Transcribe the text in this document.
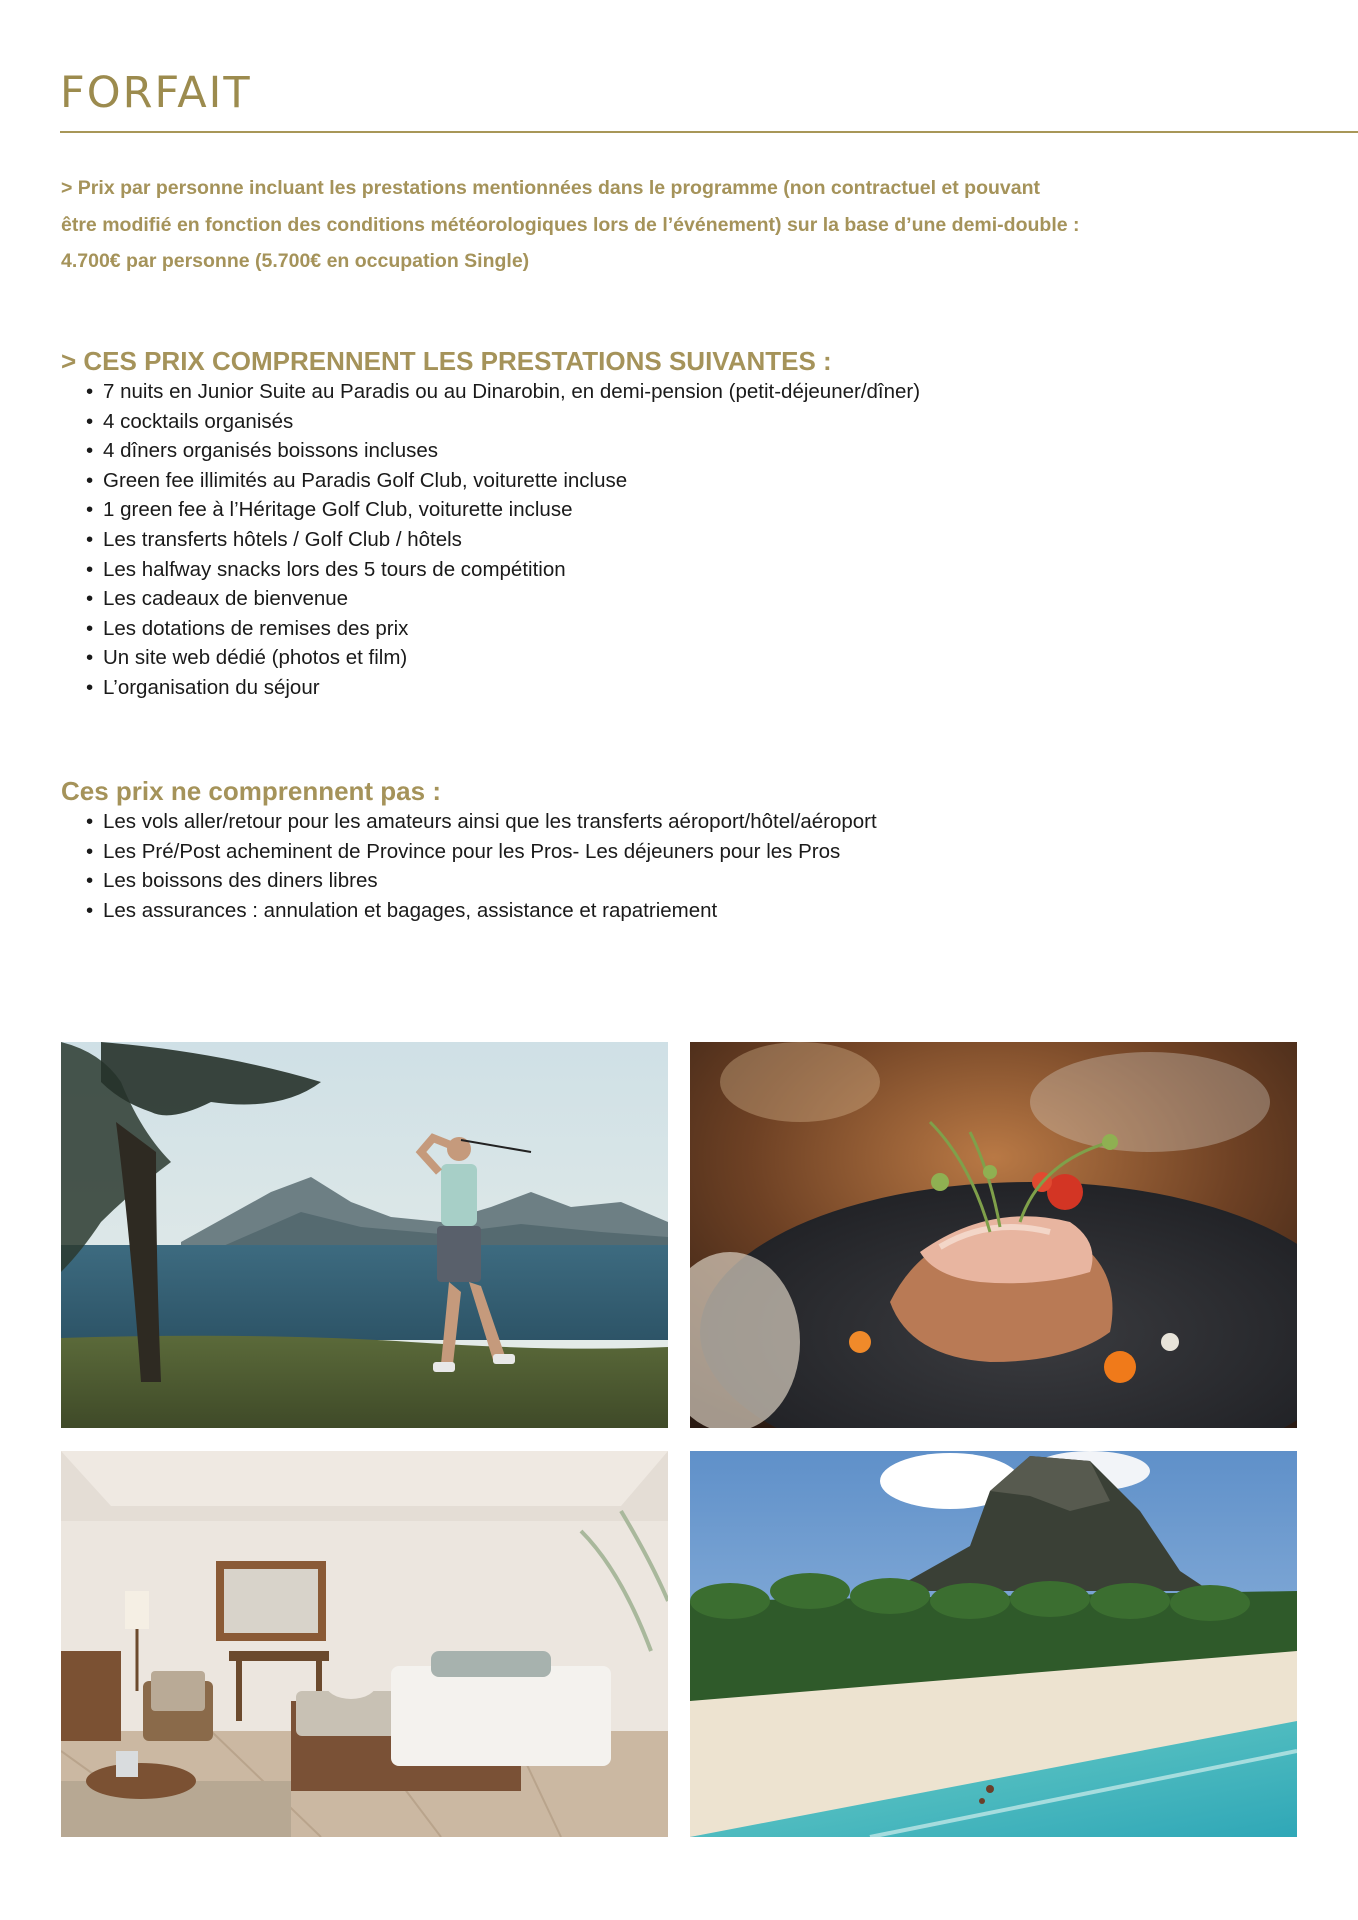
FORFAIT
> Prix par personne incluant les prestations mentionnées dans le programme (non contractuel et pouvant
être modifié en fonction des conditions météorologiques lors de l’événement) sur la base d’une demi-double :
4.700€ par personne (5.700€ en occupation Single)
> CES PRIX COMPRENNENT LES PRESTATIONS SUIVANTES :
• 7 nuits en Junior Suite au Paradis ou au Dinarobin, en demi-pension (petit-déjeuner/dîner)
• 4 cocktails organisés
• 4 dîners organisés boissons incluses
• Green fee illimités au Paradis Golf Club, voiturette incluse
• 1 green fee à l’Héritage Golf Club, voiturette incluse
• Les transferts hôtels / Golf Club / hôtels
• Les halfway snacks lors des 5 tours de compétition
• Les cadeaux de bienvenue
• Les dotations de remises des prix
• Un site web dédié (photos et film)
• L’organisation du séjour
Ces prix ne comprennent pas :
• Les vols aller/retour pour les amateurs ainsi que les transferts aéroport/hôtel/aéroport
• Les Pré/Post acheminent de Province pour les Pros- Les déjeuners pour les Pros
• Les boissons des diners libres
• Les assurances : annulation et bagages, assistance et rapatriement
